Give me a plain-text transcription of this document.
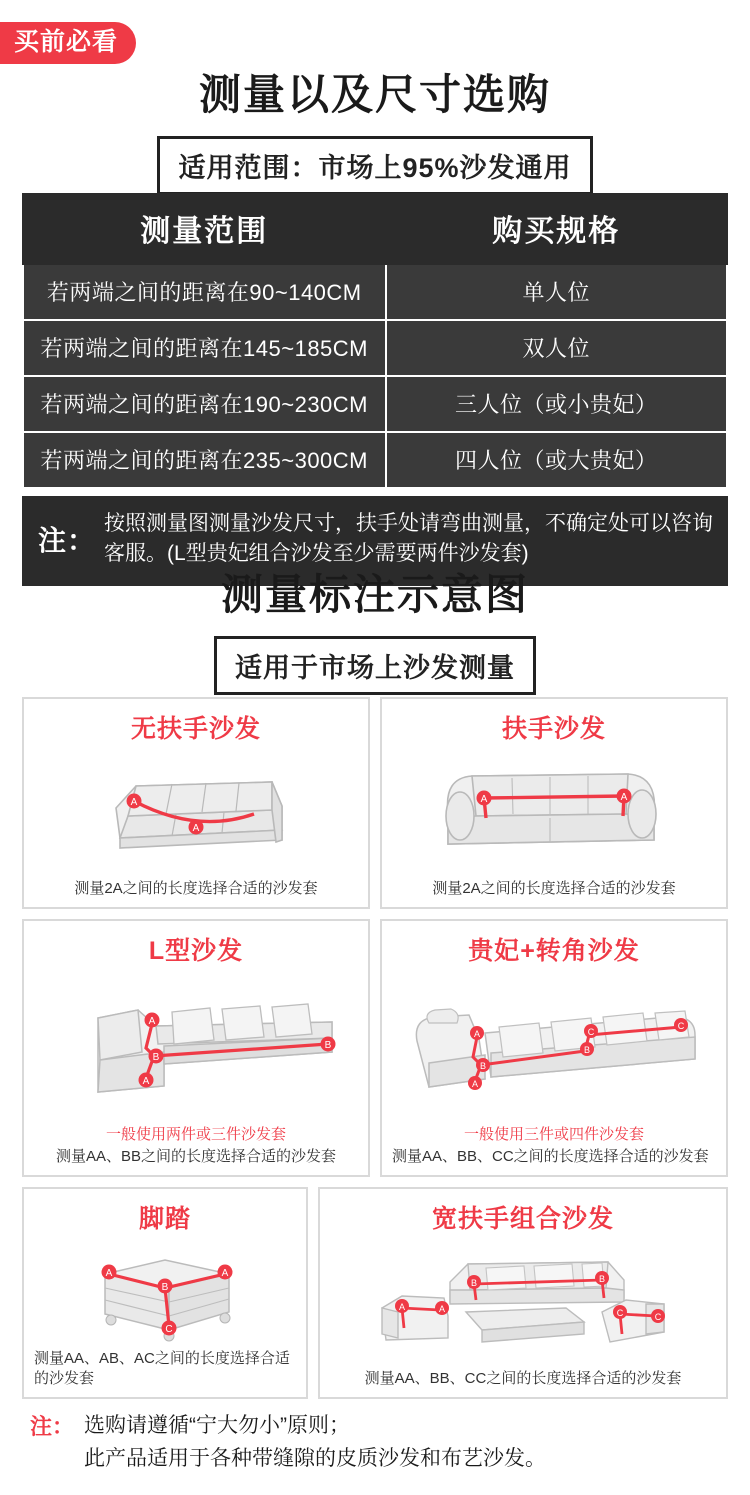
买前必看
测量以及尺寸选购
适用范围：市场上95%沙发通用
测量范围	购买规格
若两端之间的距离在90~140CM	单人位
若两端之间的距离在145~185CM	双人位
若两端之间的距离在190~230CM	三人位（或小贵妃）
若两端之间的距离在235~300CM	四人位（或大贵妃）
注：
按照测量图测量沙发尺寸，扶手处请弯曲测量，不确定处可以咨询客服。(L型贵妃组合沙发至少需要两件沙发套)
测量标注示意图
适用于市场上沙发测量
无扶手沙发
A
A
测量2A之间的长度选择合适的沙发套
扶手沙发
A	A
测量2A之间的长度选择合适的沙发套
L型沙发
A
A
B
B
一般使用两件或三件沙发套
测量AA、BB之间的长度选择合适的沙发套
贵妃+转角沙发
A
A
B
B
C
C
一般使用三件或四件沙发套
测量AA、BB、CC之间的长度选择合适的沙发套
脚踏
A	A
B
C
测量AA、AB、AC之间的长度选择合适的沙发套
宽扶手组合沙发
B	B
A	A	C	C
测量AA、BB、CC之间的长度选择合适的沙发套
注： 选购请遵循“宁大勿小”原则；
此产品适用于各种带缝隙的皮质沙发和布艺沙发。
